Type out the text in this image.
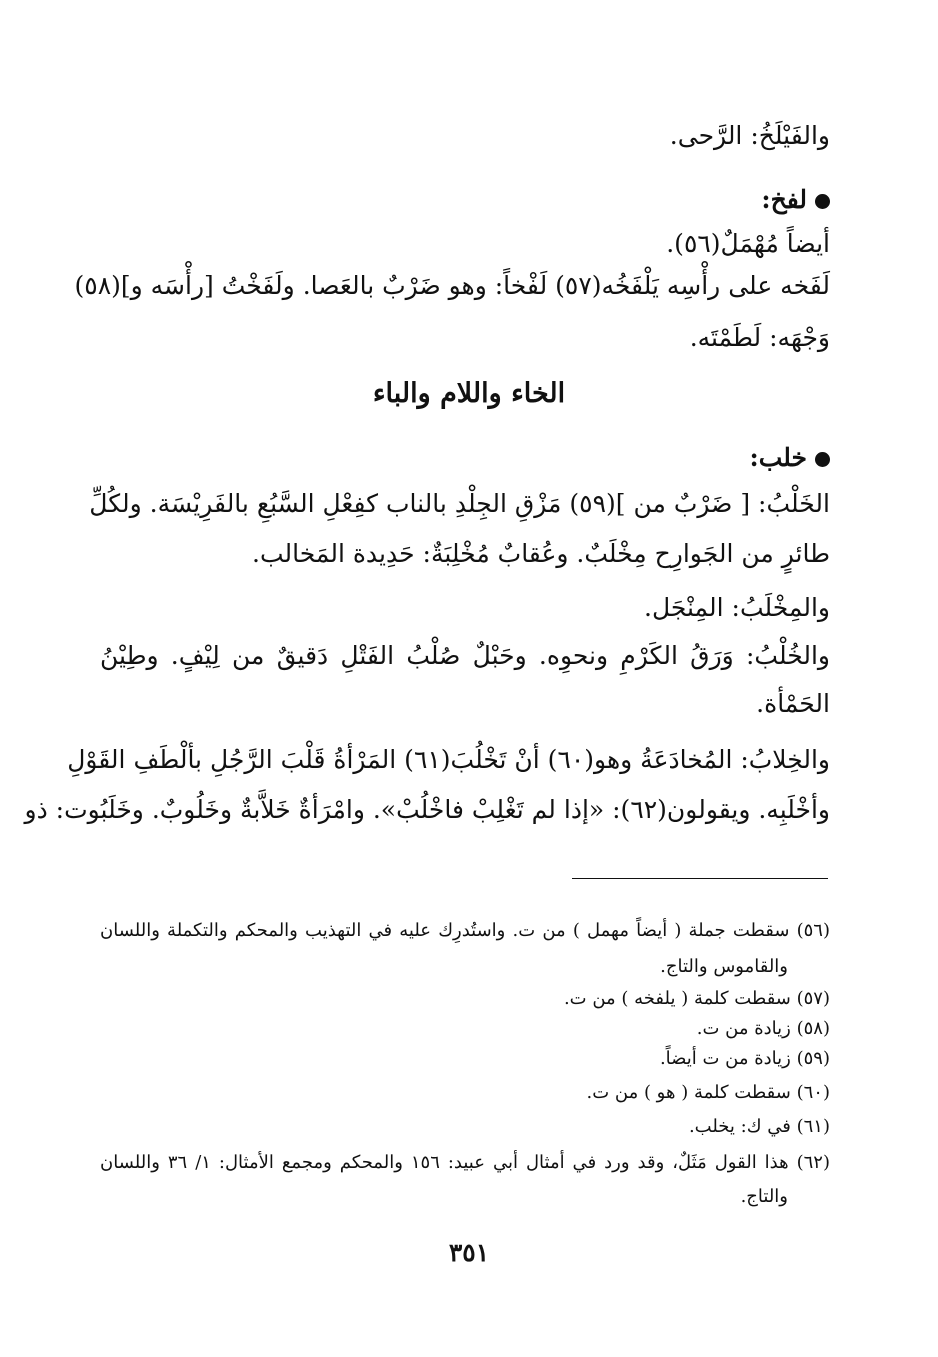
والفَيْلَخُ: الرَّحى.
لفخ:
أيضاً مُهْمَلٌ(٥٦).
لَفَخه على رأْسِه يَلْفَخُه(٥٧) لَفْخاً: وهو ضَرْبٌ بالعَصا. ولَفَخْتُ [رأْسَه و](٥٨)
وَجْهَه: لَطَمْتَه.
الخاء واللام والباء
خلب:
الخَلْبُ: [ ضَرْبٌ من ](٥٩) مَزْقِ الجِلْدِ بالناب كفِعْلِ السَّبُعِ بالفَرِيْسَة. ولكُلِّ
طائرٍ من الجَوارِح مِخْلَبٌ. وعُقابٌ مُخْلِبَةٌ: حَدِيدة المَخالب.
والمِخْلَبُ: المِنْجَل.
والخُلْبُ: وَرَقُ الكَرْمِ ونحوِه. وحَبْلٌ صُلْبُ الفَتْلِ دَقيقٌ من لِيْفٍ. وطِيْنُ
الحَمْأة.
والخِلابُ: المُخادَعَةُ وهو(٦٠) أنْ تَخْلُبَ(٦١) المَرْأةُ قَلْبَ الرَّجُلِ بألْطَفِ القَوْلِ
وأخْلَبِه. ويقولون(٦٢): «إذا لم تَغْلِبْ فاخْلُبْ». وامْرَأةٌ خَلاَّبةٌ وخَلُوبٌ. وخَلَبُوت: ذو
(٥٦) سقطت جملة ( أيضاً مهمل ) من ت. واستُدرِك عليه في التهذيب والمحكم والتكملة واللسان
والقاموس والتاج.
(٥٧) سقطت كلمة ( يلفخه ) من ت.
(٥٨) زيادة من ت.
(٥٩) زيادة من ت أيضاً.
(٦٠) سقطت كلمة ( هو ) من ت.
(٦١) في ك: يخلب.
(٦٢) هذا القول مَثَلٌ، وقد ورد في أمثال أبي عبيد: ١٥٦ والمحكم ومجمع الأمثال: ١/ ٣٦ واللسان
والتاج.
٣٥١
